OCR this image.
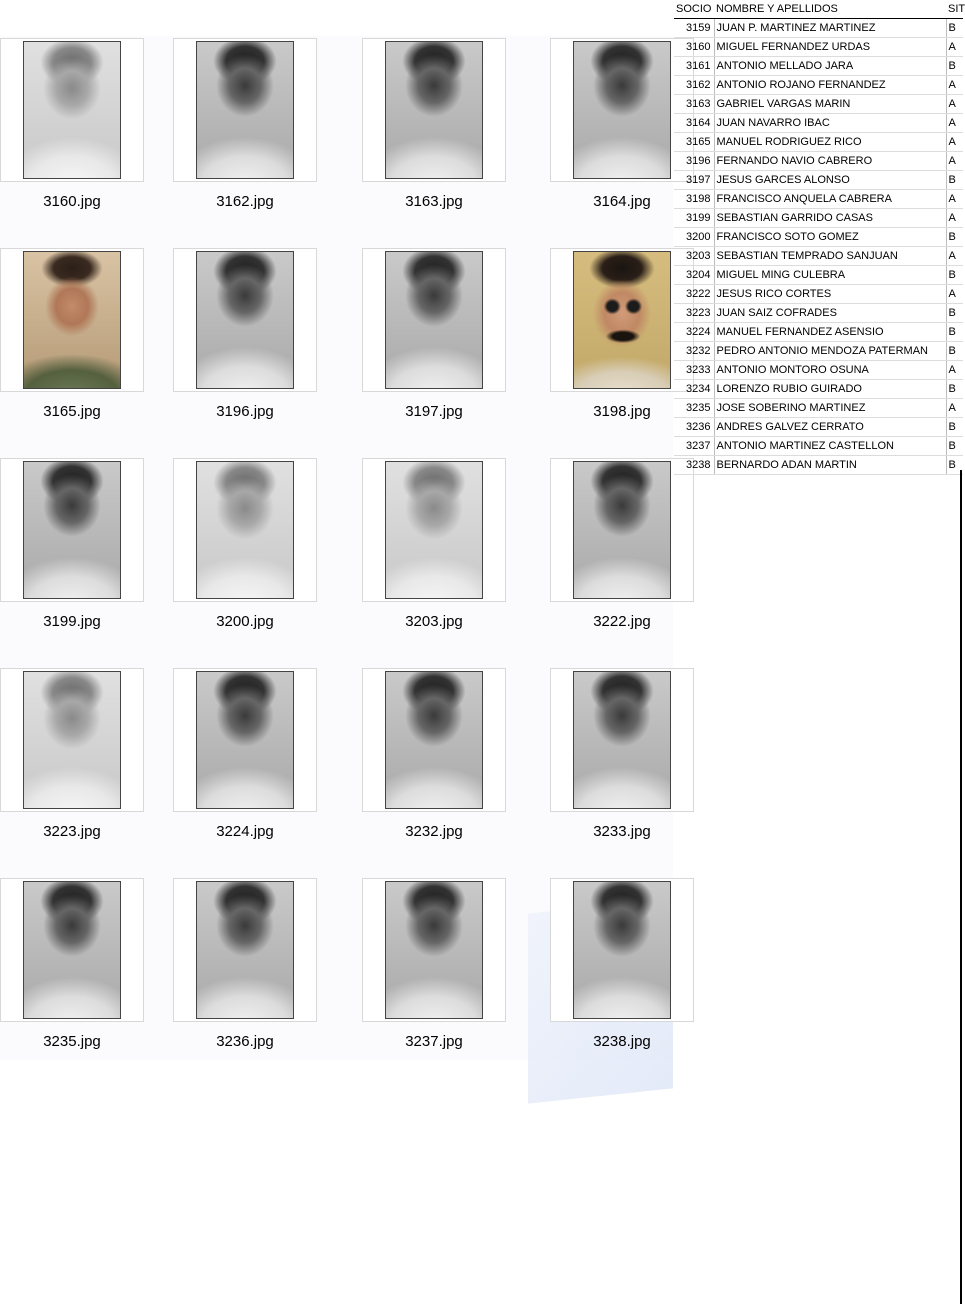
3160.jpg	3162.jpg	3163.jpg	3164.jpg
3165.jpg	3196.jpg	3197.jpg	3198.jpg
3199.jpg	3200.jpg	3203.jpg	3222.jpg
3223.jpg	3224.jpg	3232.jpg	3233.jpg
3235.jpg	3236.jpg	3237.jpg	3238.jpg
SOCIO	NOMBRE Y APELLIDOS	SIT
3159	JUAN P. MARTINEZ MARTINEZ	B
3160	MIGUEL FERNANDEZ URDAS	A
3161	ANTONIO MELLADO JARA	B
3162	ANTONIO ROJANO FERNANDEZ	A
3163	GABRIEL VARGAS MARIN	A
3164	JUAN NAVARRO IBAC	A
3165	MANUEL RODRIGUEZ RICO	A
3196	FERNANDO NAVIO CABRERO	A
3197	JESUS GARCES ALONSO	B
3198	FRANCISCO ANQUELA CABRERA	A
3199	SEBASTIAN GARRIDO CASAS	A
3200	FRANCISCO SOTO GOMEZ	B
3203	SEBASTIAN TEMPRADO SANJUAN	A
3204	MIGUEL MING CULEBRA	B
3222	JESUS RICO CORTES	A
3223	JUAN SAIZ COFRADES	B
3224	MANUEL FERNANDEZ ASENSIO	B
3232	PEDRO ANTONIO MENDOZA PATERMAN	B
3233	ANTONIO MONTORO OSUNA	A
3234	LORENZO RUBIO GUIRADO	B
3235	JOSE SOBERINO MARTINEZ	A
3236	ANDRES GALVEZ CERRATO	B
3237	ANTONIO MARTINEZ CASTELLON	B
3238	BERNARDO ADAN MARTIN	B
